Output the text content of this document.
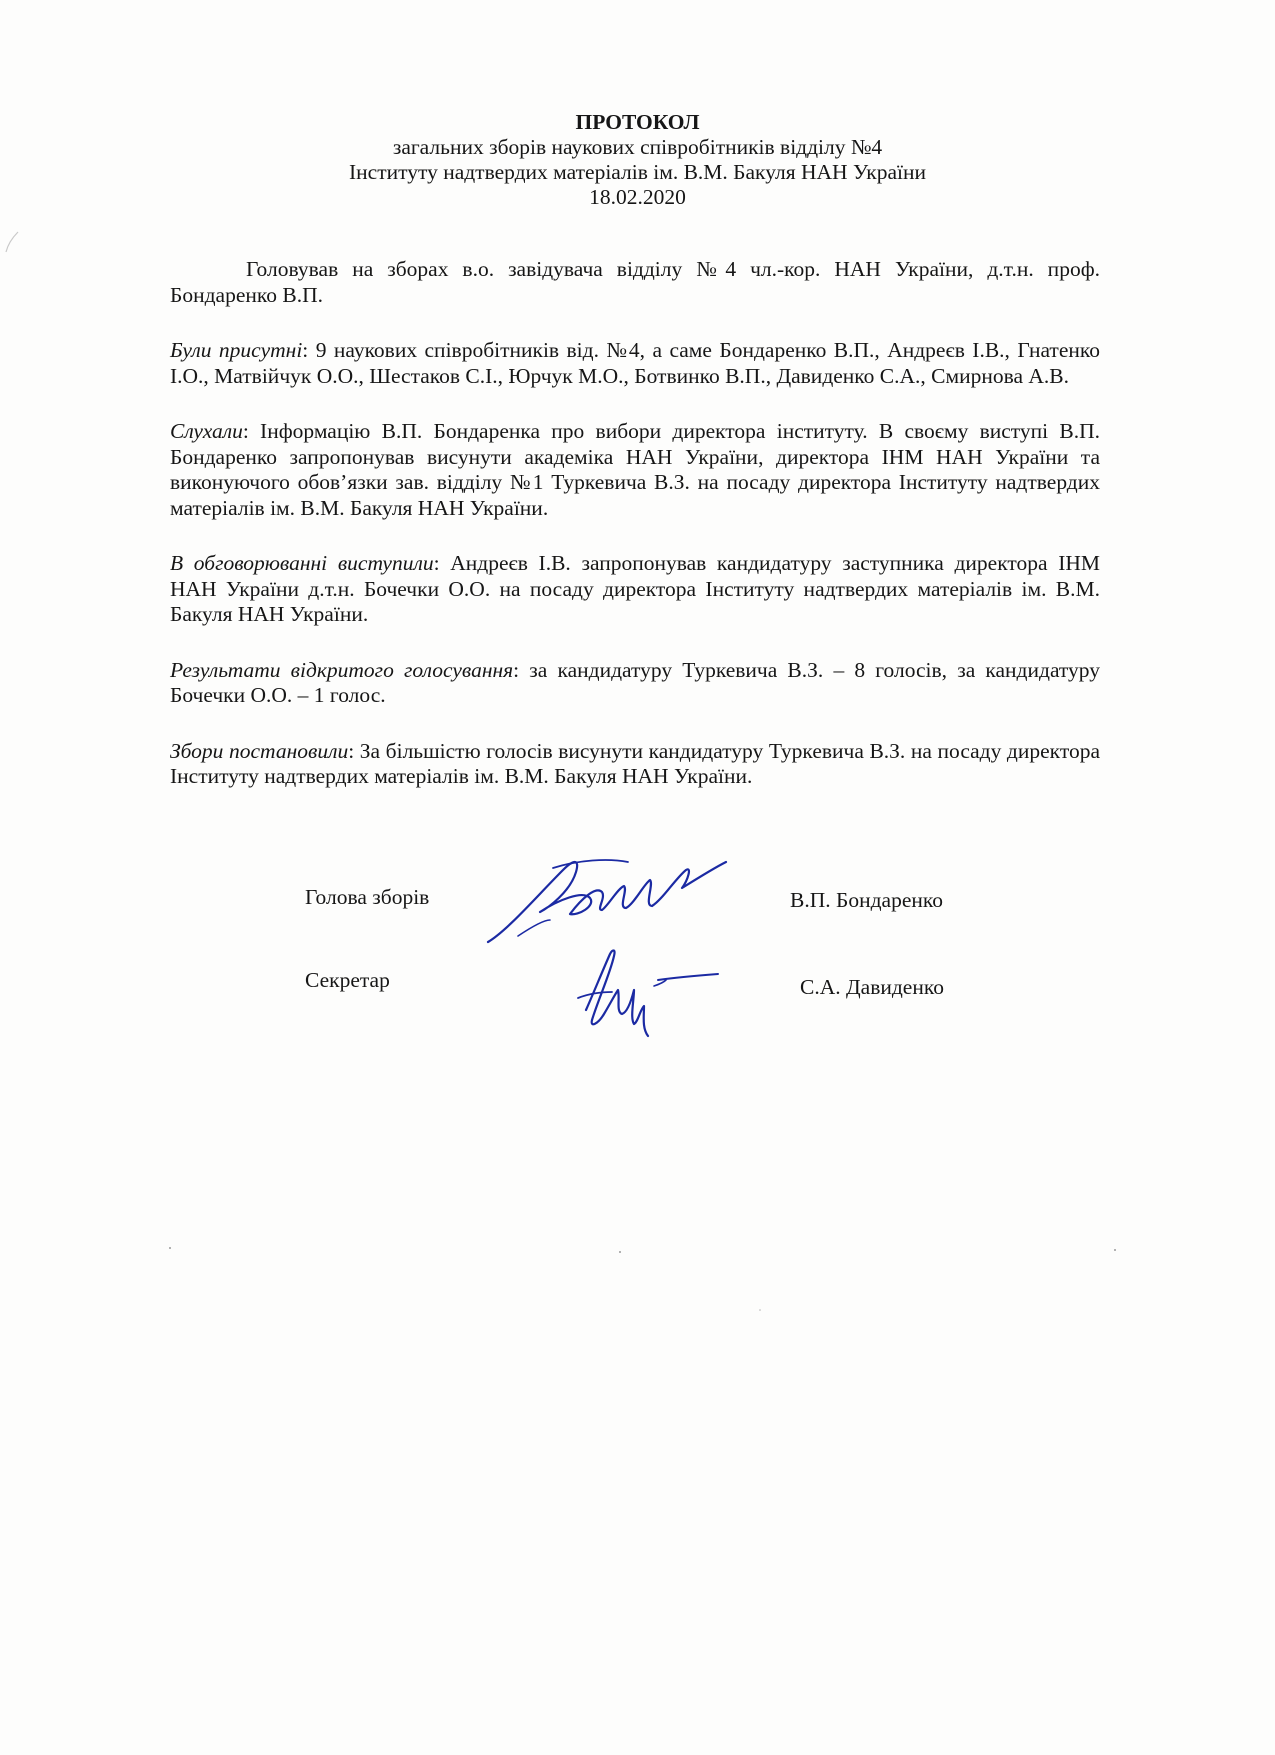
ПРОТОКОЛ
загальних зборів наукових співробітників відділу №4
Інституту надтвердих матеріалів ім. В.М. Бакуля НАН України
18.02.2020

Головував на зборах в.о. завідувача відділу №4 чл.-кор. НАН України, д.т.н. проф. Бондаренко В.П.

Були присутні: 9 наукових співробітників від. №4, а саме Бондаренко В.П., Андреєв І.В., Гнатенко І.О., Матвійчук О.О., Шестаков С.І., Юрчук М.О., Ботвинко В.П., Давиденко С.А., Смирнова А.В.

Слухали: Інформацію В.П. Бондаренка про вибори директора інституту. В своєму виступі В.П. Бондаренко запропонував висунути академіка НАН України, директора ІНМ НАН України та виконуючого обов’язки зав. відділу №1 Туркевича В.З. на посаду директора Інституту надтвердих матеріалів ім. В.М. Бакуля НАН України.

В обговорюванні виступили: Андреєв І.В. запропонував кандидатуру заступника директора ІНМ НАН України д.т.н. Бочечки О.О. на посаду директора Інституту надтвердих матеріалів ім. В.М. Бакуля НАН України.

Результати відкритого голосування: за кандидатуру Туркевича В.З. – 8 голосів, за кандидатуру Бочечки О.О. – 1 голос.

Збори постановили: За більшістю голосів висунути кандидатуру Туркевича В.З. на посаду директора Інституту надтвердих матеріалів ім. В.М. Бакуля НАН України.

Голова зборів	В.П. Бондаренко
Секретар	С.А. Давиденко
